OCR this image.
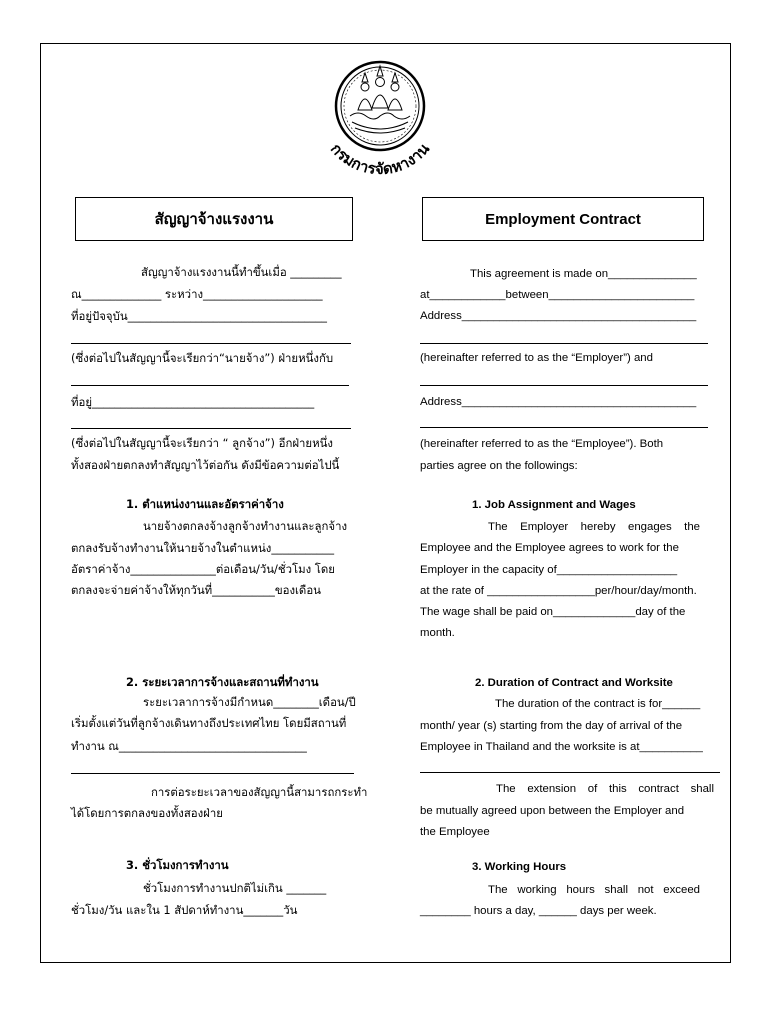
กรมการจัดหางาน
สัญญาจ้างแรงงาน	Employment Contract
สัญญาจ้างแรงงานนี้ทำขึ้นเมื่อ _________
ณ______________ ระหว่าง_____________________
ที่อยู่ปัจจุบัน___________________________________
(ซึ่งต่อไปในสัญญานี้จะเรียกว่า“นายจ้าง”) ฝ่ายหนึ่งกับ
ที่อยู่_______________________________________
(ซึ่งต่อไปในสัญญานี้จะเรียกว่า “ ลูกจ้าง”) อีกฝ่ายหนึ่ง
ทั้งสองฝ่ายตกลงทำสัญญาไว้ต่อกัน ดังมีข้อความต่อไปนี้
1. ตำแหน่งงานและอัตราค่าจ้าง
นายจ้างตกลงจ้างลูกจ้างทำงานและลูกจ้าง
ตกลงรับจ้างทำงานให้นายจ้างในตำแหน่ง___________
อัตราค่าจ้าง_______________ต่อเดือน/วัน/ชั่วโมง โดย
ตกลงจะจ่ายค่าจ้างให้ทุกวันที่___________ของเดือน
2. ระยะเวลาการจ้างและสถานที่ทำงาน
ระยะเวลาการจ้างมีกำหนด________เดือน/ปี
เริ่มตั้งแต่วันที่ลูกจ้างเดินทางถึงประเทศไทย โดยมีสถานที่
ทำงาน ณ_________________________________
การต่อระยะเวลาของสัญญานี้สามารถกระทำ
ได้โดยการตกลงของทั้งสองฝ่าย
3. ชั่วโมงการทำงาน
ชั่วโมงการทำงานปกติไม่เกิน _______
ชั่วโมง/วัน และใน 1 สัปดาห์ทำงาน_______วัน
This agreement is made on______________
at____________between_______________________
Address_____________________________________
(hereinafter referred to as the “Employer”) and
Address_____________________________________
(hereinafter referred to as the “Employee”). Both
parties agree on the followings:
1. Job Assignment and Wages
The Employer hereby engages the
Employee and the Employee agrees to work for the
Employer in the capacity of___________________
at the rate of _________________per/hour/day/month.
The wage shall be paid on_____________day of the
month.
2. Duration of Contract and Worksite
The duration of the contract is for______
month/ year (s) starting from the day of arrival of the
Employee in Thailand and the worksite is at__________
The extension of this contract shall
be mutually agreed upon between the Employer and
the Employee
3. Working Hours
The working hours shall not exceed
________ hours a day, ______ days per week.
